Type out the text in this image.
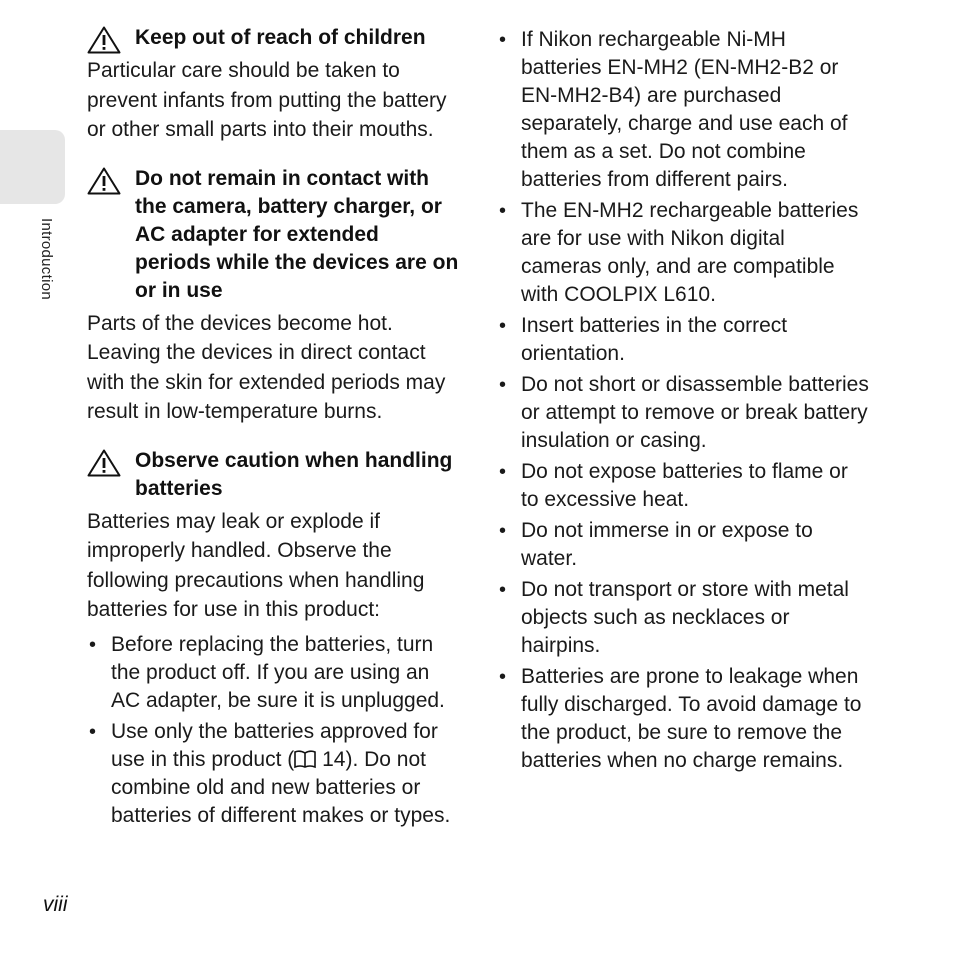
Introduction
Keep out of reach of children

Particular care should be taken to prevent infants from putting the battery or other small parts into their mouths.

Do not remain in contact with the camera, battery charger, or AC adapter for extended periods while the devices are on or in use

Parts of the devices become hot. Leaving the devices in direct contact with the skin for extended periods may result in low-temperature burns.

Observe caution when handling batteries

Batteries may leak or explode if improperly handled. Observe the following precautions when handling batteries for use in this product:

• Before replacing the batteries, turn the product off. If you are using an AC adapter, be sure it is unplugged.
• Use only the batteries approved for use in this product ( 14). Do not combine old and new batteries or batteries of different makes or types.
• If Nikon rechargeable Ni-MH batteries EN-MH2 (EN-MH2-B2 or EN-MH2-B4) are purchased separately, charge and use each of them as a set. Do not combine batteries from different pairs.
• The EN-MH2 rechargeable batteries are for use with Nikon digital cameras only, and are compatible with COOLPIX L610.
• Insert batteries in the correct orientation.
• Do not short or disassemble batteries or attempt to remove or break battery insulation or casing.
• Do not expose batteries to flame or to excessive heat.
• Do not immerse in or expose to water.
• Do not transport or store with metal objects such as necklaces or hairpins.
• Batteries are prone to leakage when fully discharged. To avoid damage to the product, be sure to remove the batteries when no charge remains.
viii
